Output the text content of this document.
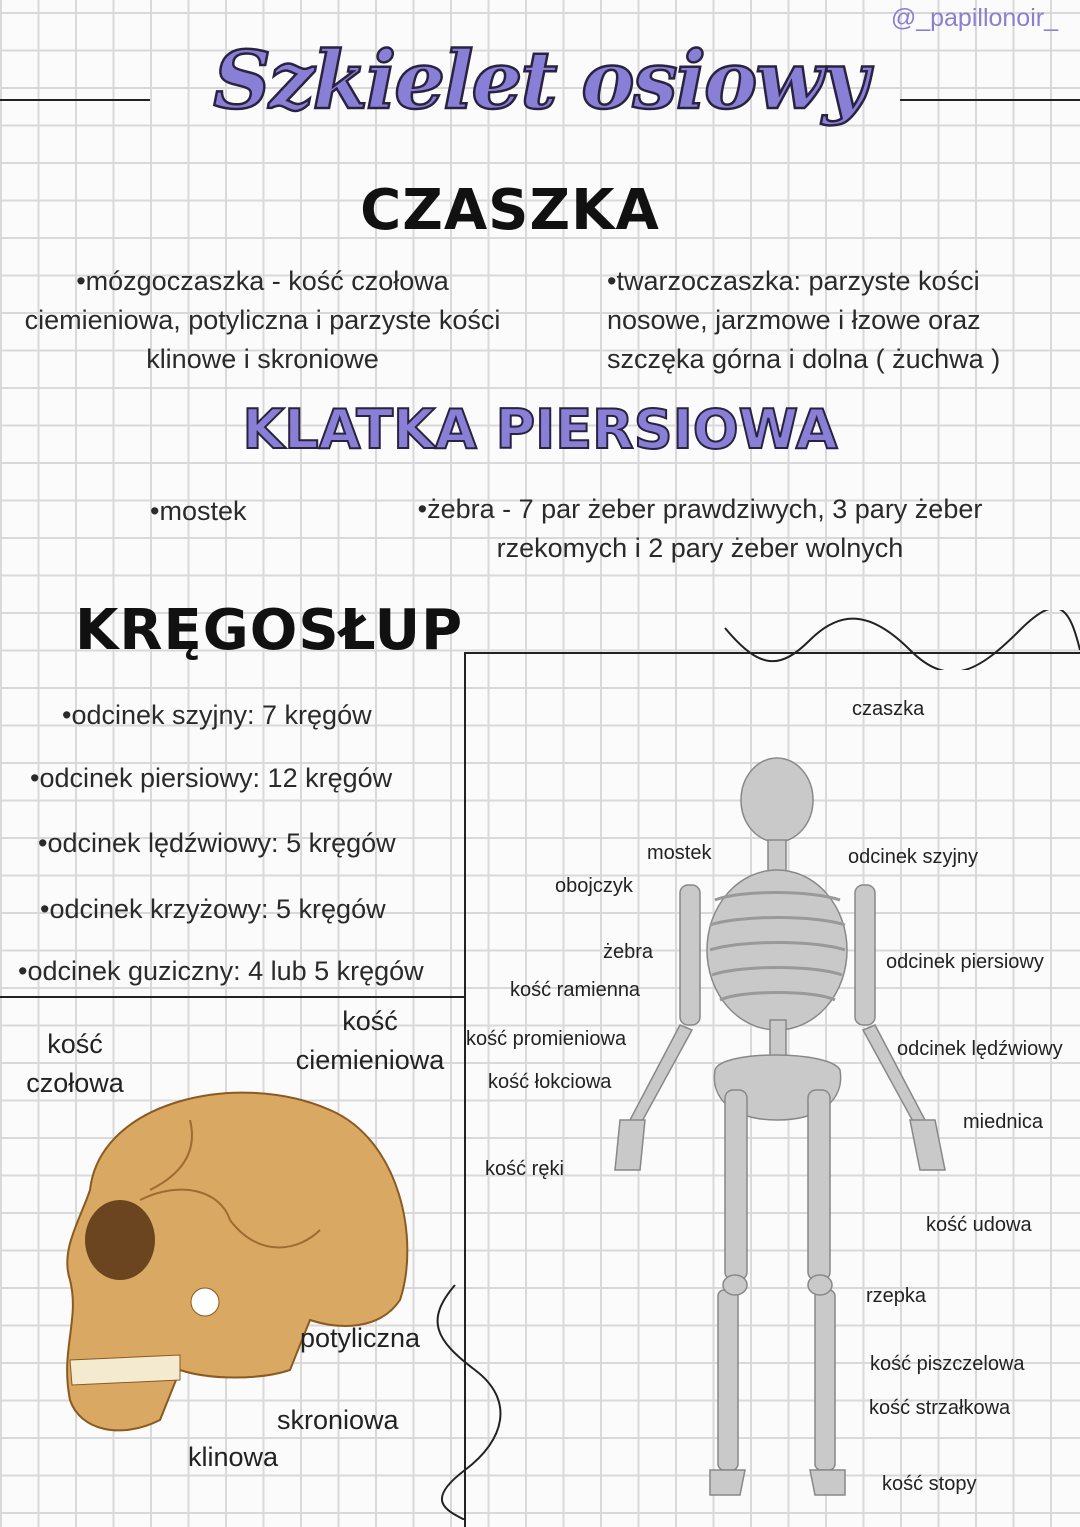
@_papillonoir_
Szkielet osiowy
CZASZKA
•mózgoczaszka - kość czołowa ciemieniowa, potyliczna i parzyste kości klinowe i skroniowe
•twarzoczaszka: parzyste kości nosowe, jarzmowe i łzowe oraz szczęka górna i dolna ( żuchwa )
KLATKA PIERSIOWA
•mostek	•żebra - 7 par żeber prawdziwych, 3 pary żeber rzekomych i 2 pary żeber wolnych
KRĘGOSŁUP
•odcinek szyjny: 7 kręgów
•odcinek piersiowy: 12 kręgów
•odcinek lędźwiowy: 5 kręgów
•odcinek krzyżowy: 5 kręgów
•odcinek guziczny: 4 lub 5 kręgów
kość czołowa
kość ciemieniowa
potyliczna
skroniowa
klinowa
czaszka
mostek	odcinek szyjny
obojczyk
żebra	odcinek piersiowy
kość ramienna
kość promieniowa	odcinek lędźwiowy
kość łokciowa
miednica
kość ręki
kość udowa
rzepka
kość piszczelowa
kość strzałkowa
kość stopy
